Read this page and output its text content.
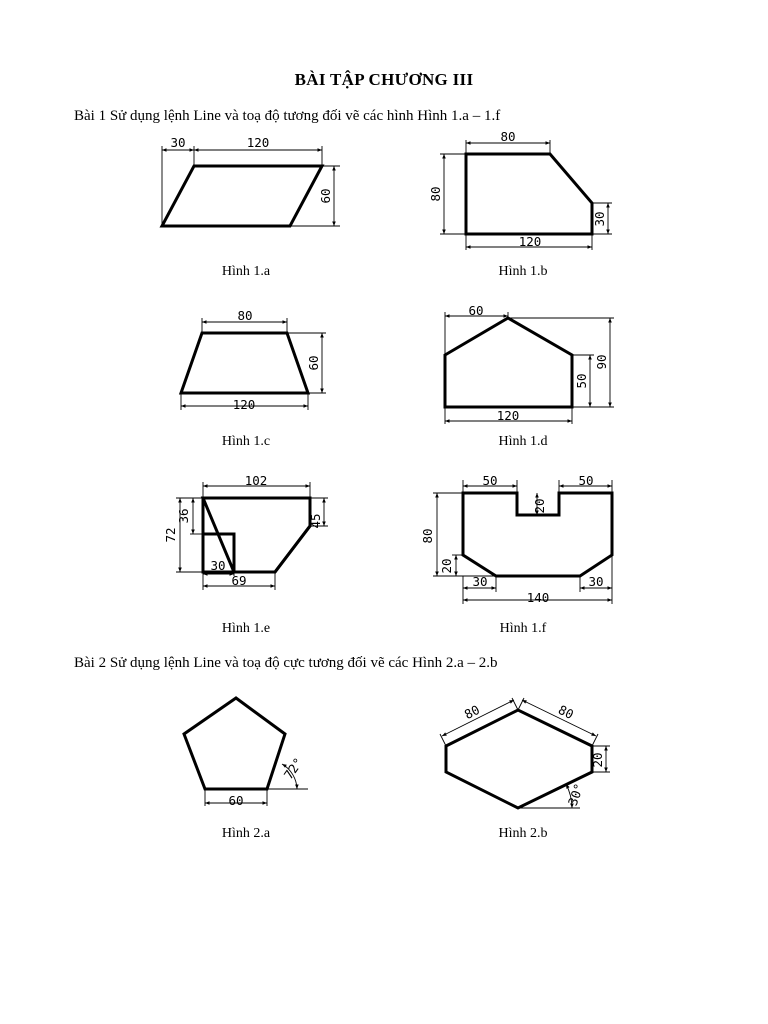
BÀI TẬP CHƯƠNG III
Bài 1 Sử dụng lệnh Line và toạ độ tương đối vẽ các hình Hình 1.a – 1.f
Bài 2 Sử dụng lệnh Line và toạ độ cực tương đối vẽ các Hình 2.a – 2.b
30	120
60
80
80
30
120
80
60
120
60
90
50
120
102
36
72
45
30
69
50	50
20
80
20
30	30
140
72°
60
80	80
20
30°
Hình 1.a	Hình 1.b
Hình 1.c	Hình 1.d
Hình 1.e	Hình 1.f
Hình 2.a	Hình 2.b
